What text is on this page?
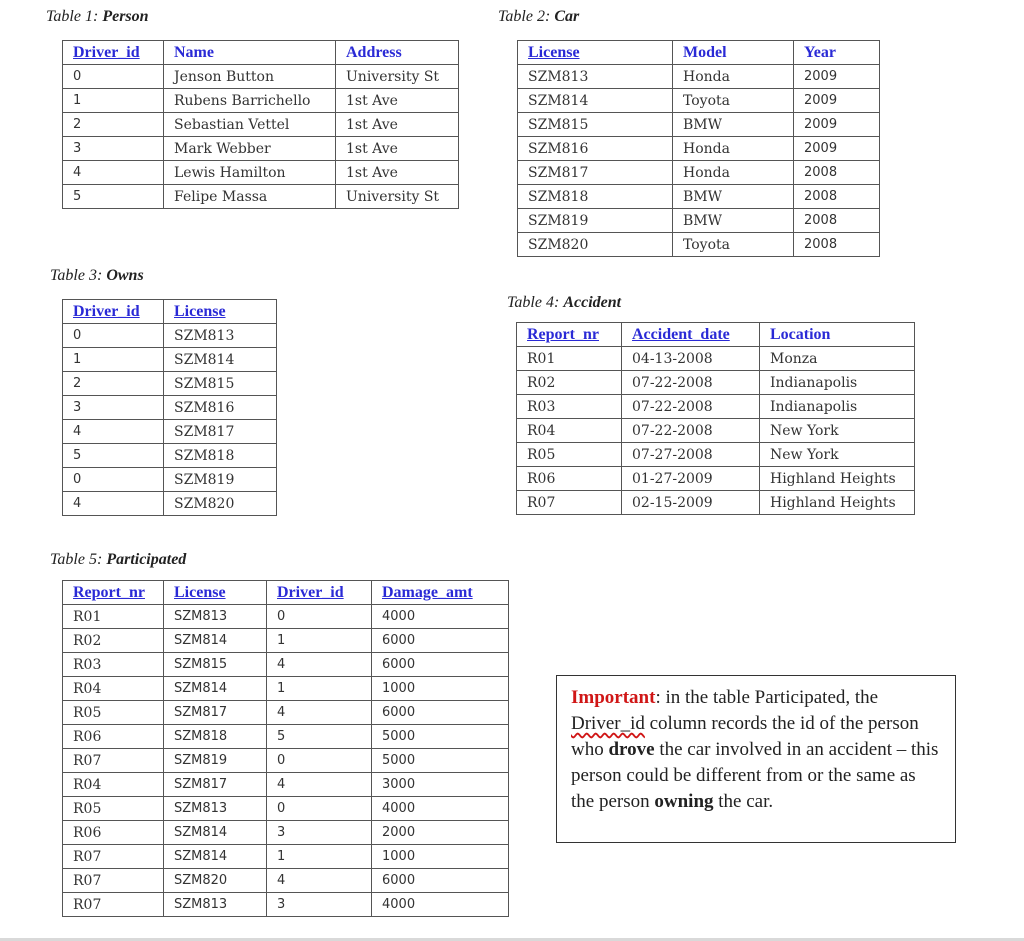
Table 1: Person
Driver_id	Name	Address
0	Jenson Button	University St
1	Rubens Barrichello	1st Ave
2	Sebastian Vettel	1st Ave
3	Mark Webber	1st Ave
4	Lewis Hamilton	1st Ave
5	Felipe Massa	University St
Table 2: Car
License	Model	Year
SZM813	Honda	2009
SZM814	Toyota	2009
SZM815	BMW	2009
SZM816	Honda	2009
SZM817	Honda	2008
SZM818	BMW	2008
SZM819	BMW	2008
SZM820	Toyota	2008
Table 3: Owns
Driver_id	License
0	SZM813
1	SZM814
2	SZM815
3	SZM816
4	SZM817
5	SZM818
0	SZM819
4	SZM820
Table 4: Accident
Report_nr	Accident_date	Location
R01	04-13-2008	Monza
R02	07-22-2008	Indianapolis
R03	07-22-2008	Indianapolis
R04	07-22-2008	New York
R05	07-27-2008	New York
R06	01-27-2009	Highland Heights
R07	02-15-2009	Highland Heights
Table 5: Participated
Report_nr	License	Driver_id	Damage_amt
R01	SZM813	0	4000
R02	SZM814	1	6000
R03	SZM815	4	6000
R04	SZM814	1	1000
R05	SZM817	4	6000
R06	SZM818	5	5000
R07	SZM819	0	5000
R04	SZM817	4	3000
R05	SZM813	0	4000
R06	SZM814	3	2000
R07	SZM814	1	1000
R07	SZM820	4	6000
R07	SZM813	3	4000
Important: in the table Participated, the Driver_id column records the id of the person who drove the car involved in an accident – this person could be different from or the same as the person owning the car.
